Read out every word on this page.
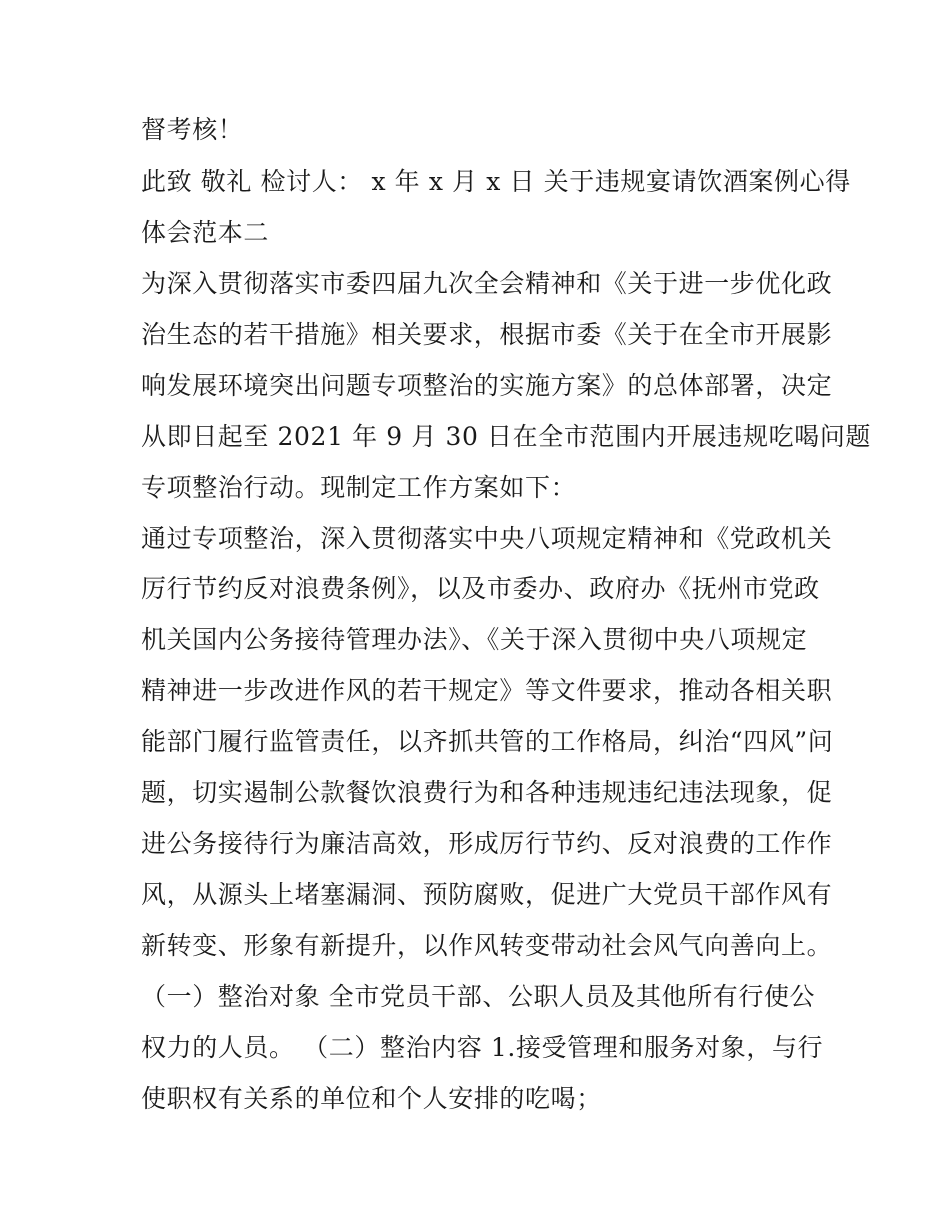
督考核！
此致 敬礼 检讨人： x 年 x 月 x 日 关于违规宴请饮酒案例心得
体会范本二
为深入贯彻落实市委四届九次全会精神和《关于进一步优化政
治生态的若干措施》相关要求，根据市委《关于在全市开展影
响发展环境突出问题专项整治的实施方案》的总体部署，决定
从即日起至 2021 年 9 月 30 日在全市范围内开展违规吃喝问题
专项整治行动。现制定工作方案如下：
通过专项整治，深入贯彻落实中央八项规定精神和《党政机关
厉行节约反对浪费条例》，以及市委办、政府办《抚州市党政
机关国内公务接待管理办法》、《关于深入贯彻中央八项规定
精神进一步改进作风的若干规定》等文件要求，推动各相关职
能部门履行监管责任，以齐抓共管的工作格局，纠治“四风”问
题，切实遏制公款餐饮浪费行为和各种违规违纪违法现象，促
进公务接待行为廉洁高效，形成厉行节约、反对浪费的工作作
风，从源头上堵塞漏洞、预防腐败，促进广大党员干部作风有
新转变、形象有新提升，以作风转变带动社会风气向善向上。
（一）整治对象 全市党员干部、公职人员及其他所有行使公
权力的人员。 （二）整治内容 1.接受管理和服务对象，与行
使职权有关系的单位和个人安排的吃喝；
